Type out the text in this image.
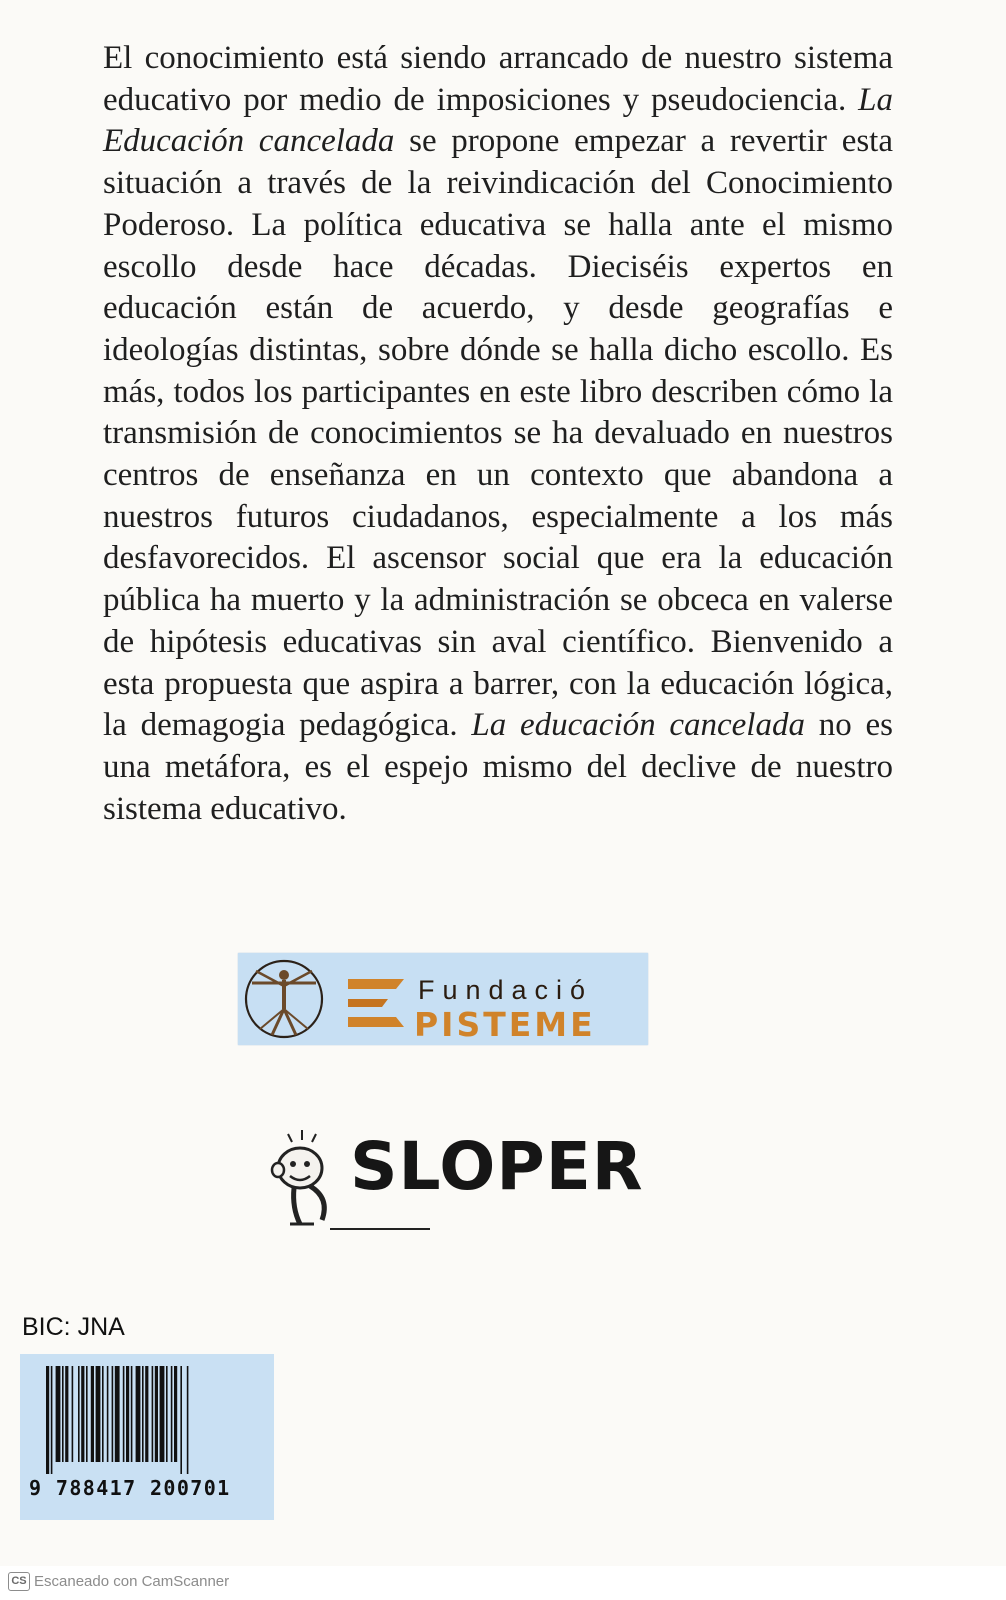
El conocimiento está siendo arrancado de nuestro sistema educativo por medio de imposiciones y pseudociencia. La Educación cancelada se propone empezar a revertir esta situación a través de la reivindicación del Conocimiento Poderoso. La política educativa se halla ante el mismo escollo desde hace décadas. Dieciséis expertos en educación están de acuerdo, y desde geografías e ideologías distintas, sobre dónde se halla dicho escollo. Es más, todos los participantes en este libro describen cómo la transmisión de conocimientos se ha devaluado en nuestros centros de enseñanza en un contexto que abandona a nuestros futuros ciudadanos, especialmente a los más desfavorecidos. El ascensor social que era la educación pública ha muerto y la administración se obceca en valerse de hipótesis educativas sin aval científico. Bienvenido a esta propuesta que aspira a barrer, con la educación lógica, la demagogia pedagógica. La educación cancelada no es una metáfora, es el espejo mismo del declive de nuestro sistema educativo.

Fundació
PISTEME
SLOPER
BIC: JNA
9 788417 200701
CS Escaneado con CamScanner
